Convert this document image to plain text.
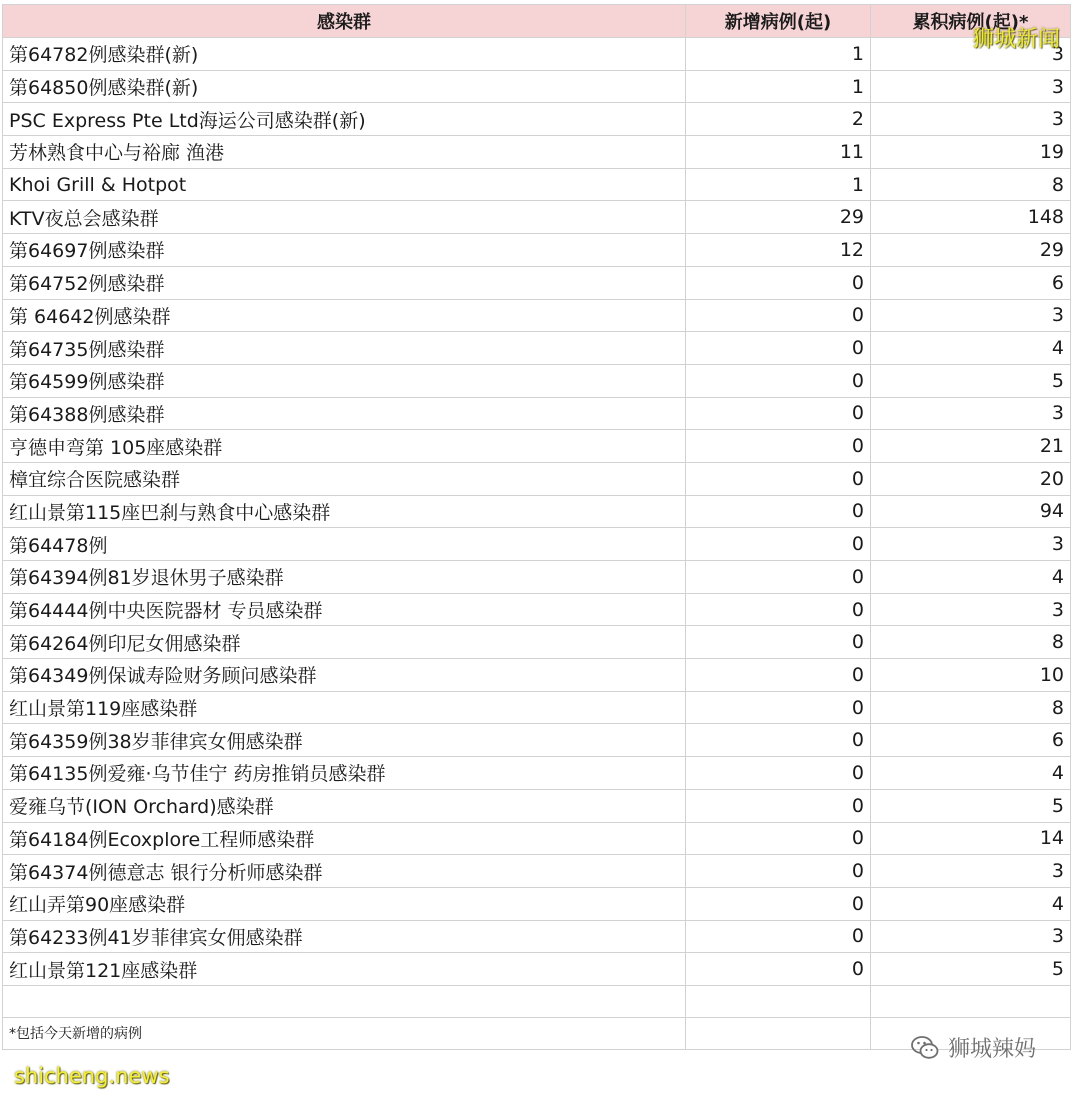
感染群	新增病例(起)	累积病例(起)*
第64782例感染群(新)	1	3
第64850例感染群(新)	1	3
PSC Express Pte Ltd海运公司感染群(新)	2	3
芳林熟食中心与裕廊 渔港	11	19
Khoi Grill & Hotpot	1	8
KTV夜总会感染群	29	148
第64697例感染群	12	29
第64752例感染群	0	6
第 64642例感染群	0	3
第64735例感染群	0	4
第64599例感染群	0	5
第64388例感染群	0	3
亨德申弯第 105座感染群	0	21
樟宜综合医院感染群	0	20
红山景第115座巴刹与熟食中心感染群	0	94
第64478例	0	3
第64394例81岁退休男子感染群	0	4
第64444例中央医院器材 专员感染群	0	3
第64264例印尼女佣感染群	0	8
第64349例保诚寿险财务顾问感染群	0	10
红山景第119座感染群	0	8
第64359例38岁菲律宾女佣感染群	0	6
第64135例爱雍·乌节佳宁 药房推销员感染群	0	4
爱雍乌节(ION Orchard)感染群	0	5
第64184例Ecoxplore工程师感染群	0	14
第64374例德意志 银行分析师感染群	0	3
红山弄第90座感染群	0	4
第64233例41岁菲律宾女佣感染群	0	3
红山景第121座感染群	0	5

*包括今天新增的病例		
狮城新闻
shicheng.news
狮城辣妈
